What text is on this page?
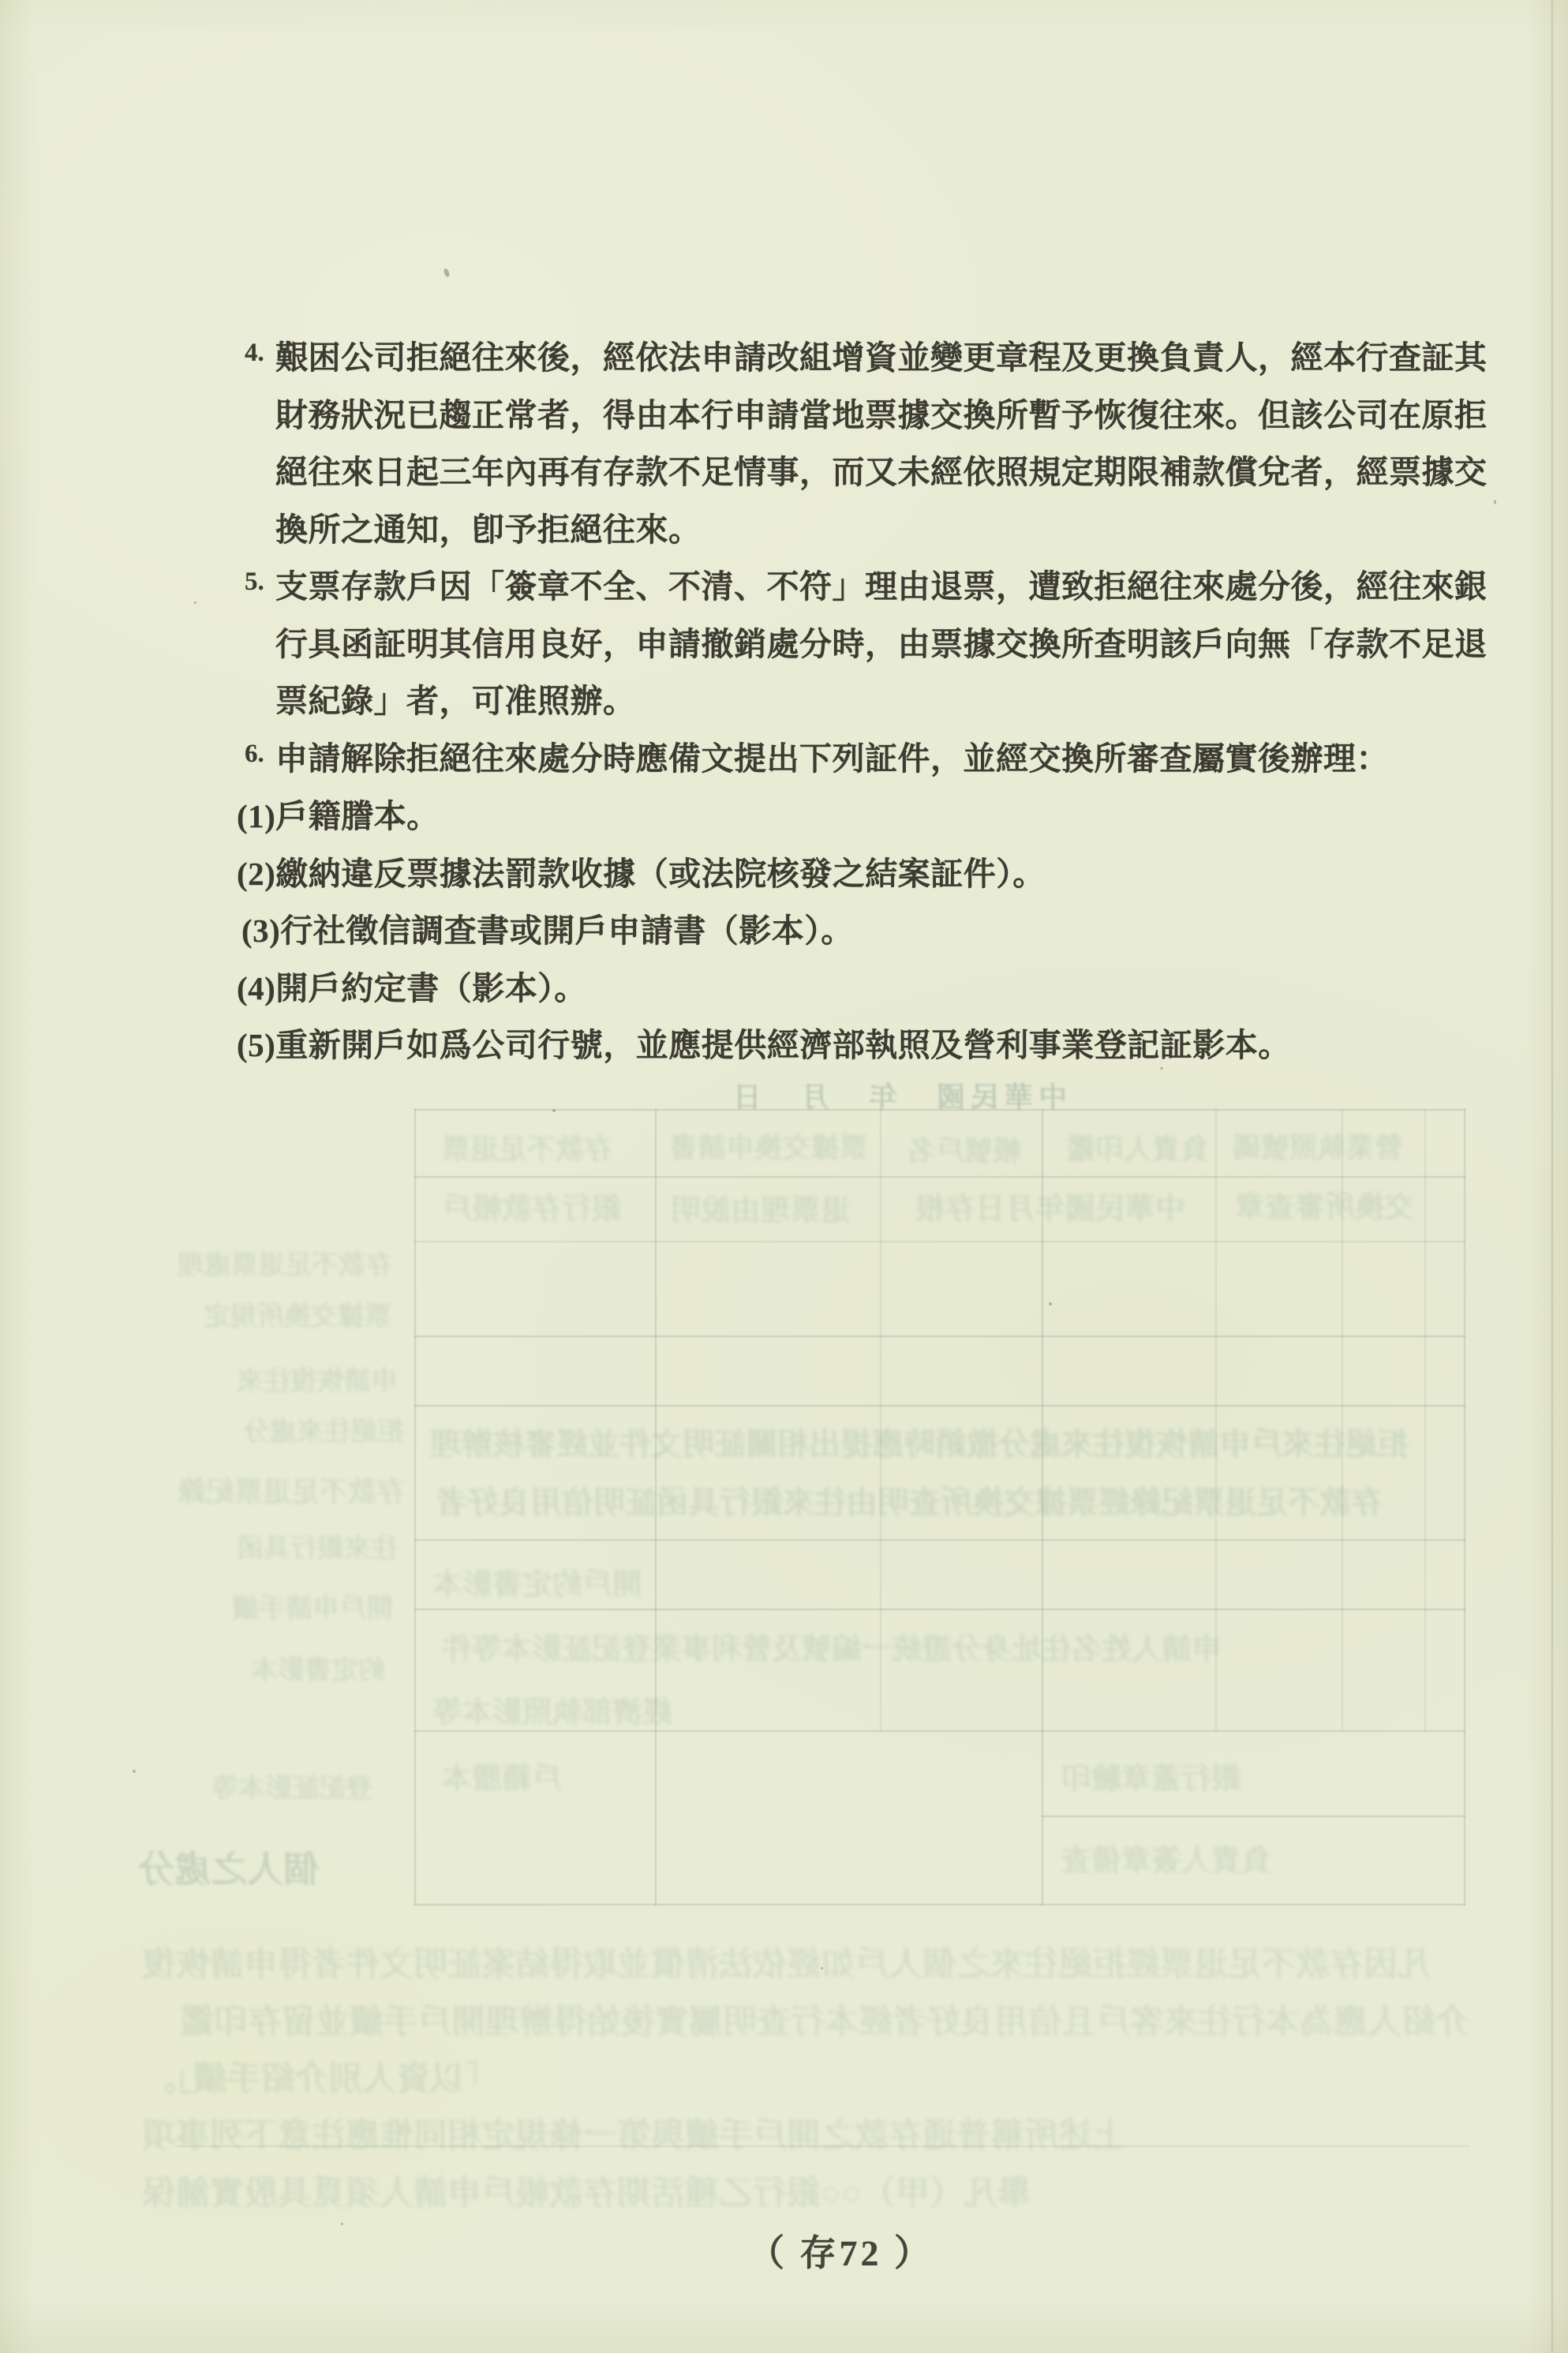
中華民國　年　月　日
存款不足退票 票據交換申請書 帳號戶名 負責人印鑑 營業執照號碼
銀行存款帳戶 退票理由說明 中華民國年月日存根 交換所審查章
拒絕往來戶申請恢復往來處分撤銷時應提出相關証明文件並經審核辦理
存款不足退票紀錄經票據交換所查明由往來銀行具函証明信用良好者
開戶約定書影本
申請人姓名住址身分證統一編號及營利事業登記証影本等件
經濟部執照影本等
戶籍謄本	銀行蓋章驗印
負責人簽章備查
存款不足退票處理
票據交換所規定
申請恢復往來
拒絕往來處分
存款不足退票紀錄
往來銀行具函
開戶申請手續
約定書影本
登記証影本等
個人之處分
凡因存款不足退票經拒絕往來之個人戶如經依法清償並取得結案証明文件者得申請恢復
介紹人應為本行往來客戶且信用良好者經本行查明屬實後始得辦理開戶手續並留存印鑑
「以資人別介紹手續」。
上述所稱普通存款之開戶手續與第一條規定相同惟應注意下列事項
舉凡（甲）○○銀行乙種活期存款帳戶申請人須覓具殷實舖保
4. 艱困公司拒絕往來後，經依法申請改組增資並變更章程及更換負責人，經本行查証其
財務狀況已趨正常者，得由本行申請當地票據交換所暫予恢復往來。但該公司在原拒
絕往來日起三年內再有存款不足情事，而又未經依照規定期限補款償兌者，經票據交
換所之通知，卽予拒絕往來。
5. 支票存款戶因「簽章不全、不清、不符」理由退票，遭致拒絕往來處分後，經往來銀
行具函証明其信用良好，申請撤銷處分時，由票據交換所查明該戶向無「存款不足退
票紀錄」者，可准照辦。
6. 申請解除拒絕往來處分時應備文提出下列証件，並經交換所審查屬實後辦理：
(1)戶籍謄本。
(2)繳納違反票據法罰款收據（或法院核發之結案証件）。
(3)行社徵信調查書或開戶申請書（影本）。
(4)開戶約定書（影本）。
(5)重新開戶如爲公司行號，並應提供經濟部執照及營利事業登記証影本。
（ 存72 ）
